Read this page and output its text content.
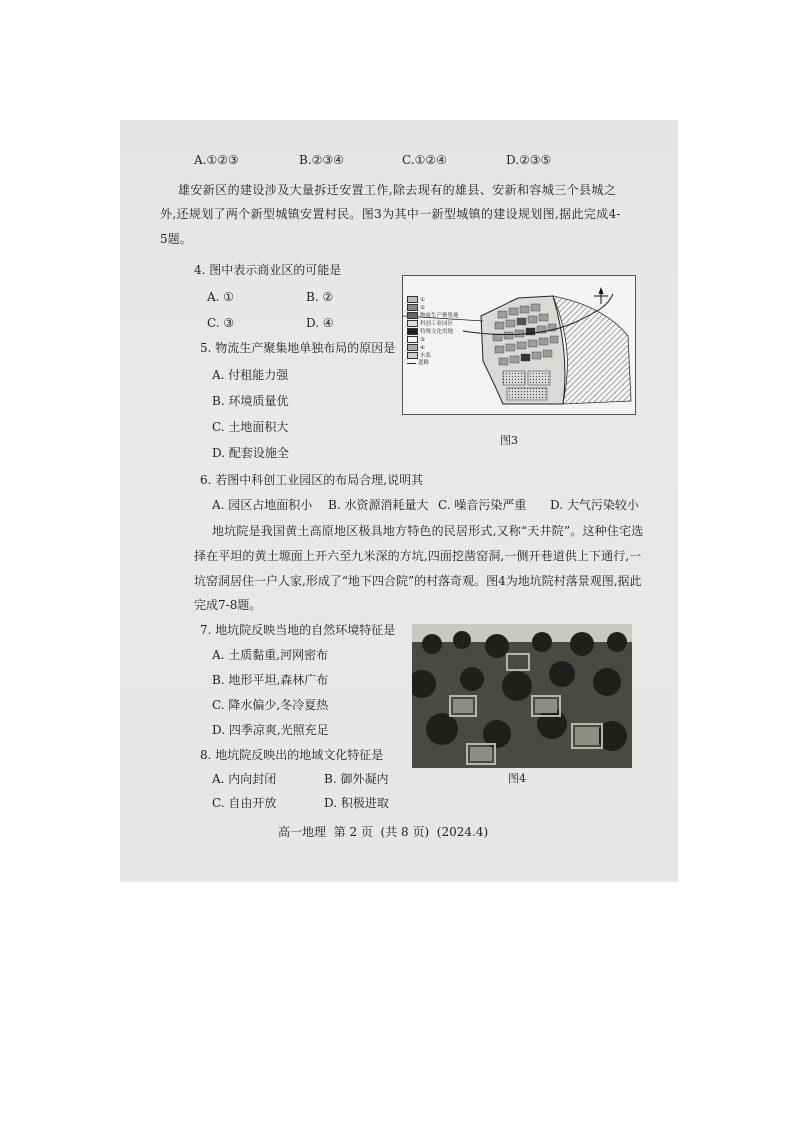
A.①②③	B.②③④	C.①②④	D.②③⑤
雄安新区的建设涉及大量拆迁安置工作,除去现有的雄县、安新和容城三个县城之
外,还规划了两个新型城镇安置村民。图3为其中一新型城镇的建设规划图,据此完成4-
5题。
4. 图中表示商业区的可能是
A. ①	B. ②
C. ③	D. ④
5. 物流生产聚集地单独布局的原因是
A. 付租能力强
B. 环境质量优
C. 土地面积大
D. 配套设施全
①
②
物流生产聚集地
科创工业园区
特殊文化用地
③
④
水系
道路
图3
6. 若图中科创工业园区的布局合理,说明其
A. 园区占地面积小 B. 水资源消耗量大 C. 噪音污染严重 D. 大气污染较小
地坑院是我国黄土高原地区极具地方特色的民居形式,又称“天井院”。这种住宅选
择在平坦的黄土塬面上开六至九米深的方坑,四面挖凿窑洞,一侧开巷道供上下通行,一
坑窑洞居住一户人家,形成了“地下四合院”的村落奇观。图4为地坑院村落景观图,据此
完成7-8题。
7. 地坑院反映当地的自然环境特征是
A. 土质黏重,河网密布
B. 地形平坦,森林广布
C. 降水偏少,冬冷夏热
D. 四季凉爽,光照充足
8. 地坑院反映出的地域文化特征是
A. 内向封闭	B. 御外凝内
C. 自由开放	D. 积极进取
图4
高一地理  第 2 页  (共 8 页)  (2024.4)
